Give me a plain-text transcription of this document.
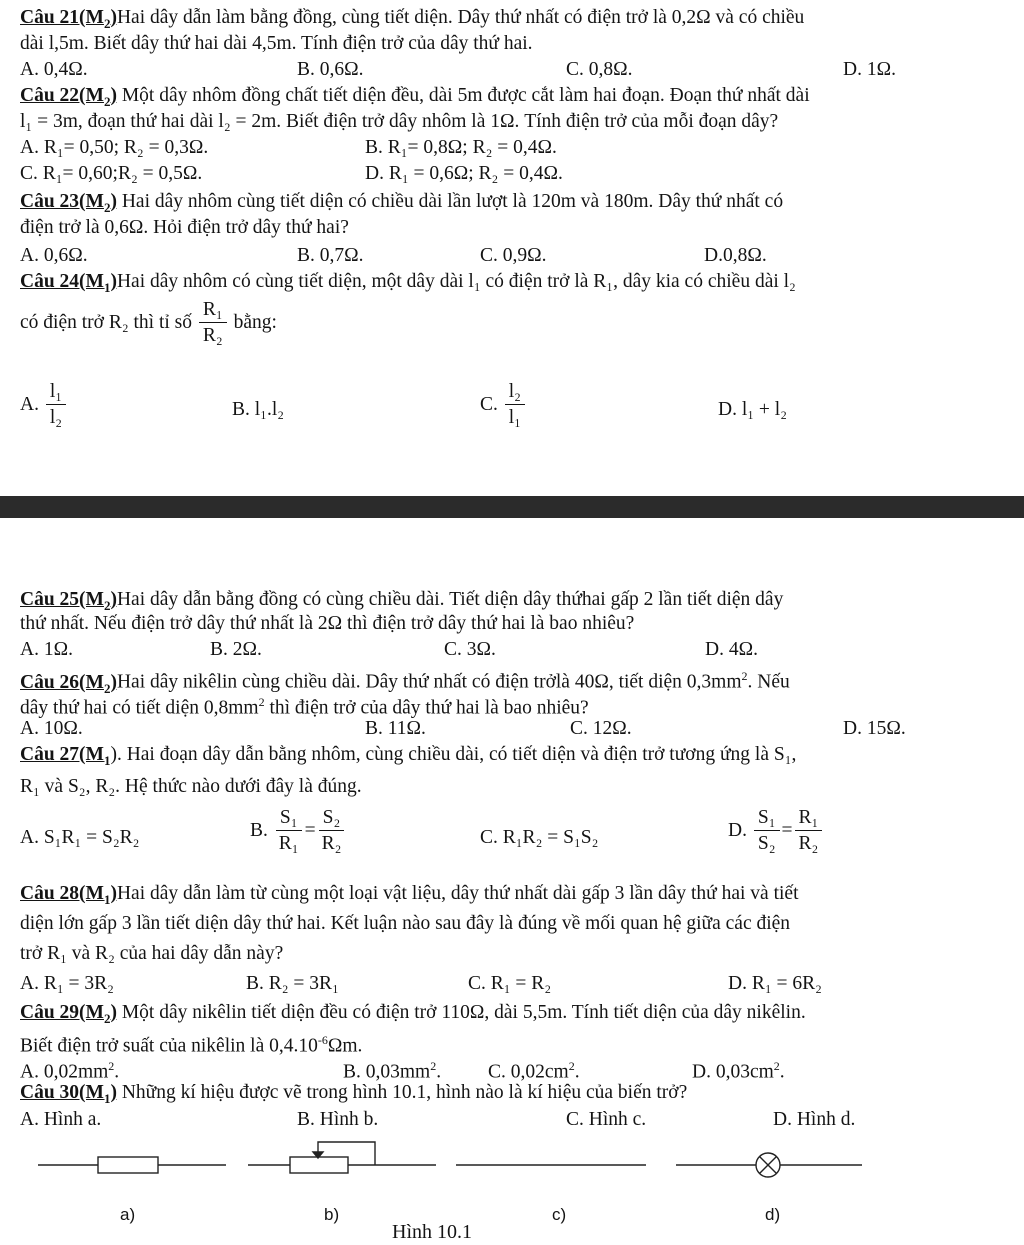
Câu $21(M_2)Hai$ dây dẫn làm bằng đồng, cùng tiết diện. Dây thứ nhất có điện trở là 0,2Ω và có chiều
dài l,5m. Biết dây thứ hai dài 4,5m. Tính điện trở của dây thứ hai.
A. 0,4Ω.	B. 0,6Ω.	C. 0,8Ω.	D. 1Ω.
Câu $22(M_2)$ Một dây nhôm đồng chất tiết diện đều, dài 5m được cắt làm hai đoạn. Đoạn thứ nhất dài
l₁ = 3m, đoạn thứ hai dài l₂ = 2m. Biết điện trở dây nhôm là 1Ω. Tính điện trở của mỗi đoạn dây?
A. R₁= 0,50; R₂ = 0,3Ω.	B. R₁= 0,8Ω; R₂ = 0,4Ω.
C. R₁= 0,60;R₂ = 0,5Ω.	D. R₁ = 0,6Ω; R₂ = 0,4Ω.
Câu $23(M_2)$ Hai dây nhôm cùng tiết diện có chiều dài lần lượt là 120m và 180m. Dây thứ nhất có
điện trở là 0,6Ω. Hỏi điện trở dây thứ hai?
A. 0,6Ω.	B. 0,7Ω.	C. 0,9Ω.	D.0,8Ω.
Câu $24(M_1)Hai$ dây nhôm có cùng tiết diện, một dây dài l₁ có điện trở là R₁, dây kia có chiều dài l₂
có điện trở R₂ thì tỉ số $\frac{\text{R₁}}{\text{R₂}}$ bằng:
A. $\frac{\text{l₁}}{\text{l₂}}$	B. l₁.l₂	C. $\frac{\text{l₂}}{\text{l₁}}$	D. l₁ + l₂
Câu $25(M_2)Hai$ dây dẫn bằng đồng có cùng chiều dài. Tiết diện dây thứhai gấp 2 lần tiết diện dây
thứ nhất. Nếu điện trở dây thứ nhất là 2Ω thì điện trở dây thứ hai là bao nhiêu?
A. 1Ω.	B. 2Ω.	C. 3Ω.	D. 4Ω.
Câu $26(M_2)Hai$ dây nikêlin cùng chiều dài. Dây thứ nhất có điện trởlà 40Ω, tiết diện $0,3mm^2$. Nếu
dây thứ hai có tiết diện $0,8mm^2$ thì điện trở của dây thứ hai là bao nhiêu?
A. 10Ω.	B. 11Ω.	C. 12Ω.	D. 15Ω.
Câu $27(M_1)$. Hai đoạn dây dẫn bằng nhôm, cùng chiều dài, có tiết diện và điện trở tương ứng là S₁,
R₁ và S₂, R₂. Hệ thức nào dưới đây là đúng.
A. S₁R₁ = S₂R₂	B. $\frac{\text{S₁}}{\text{R₁}} = \frac{\text{S₂}}{\text{R₂}}$	C. R₁R₂ = S₁S₂	D. $\frac{\text{S₁}}{\text{S₂}} = \frac{\text{R₁}}{\text{R₂}}$
Câu $28(M_1)Hai$ dây dẫn làm từ cùng một loại vật liệu, dây thứ nhất dài gấp 3 lần dây thứ hai và tiết
diện lớn gấp 3 lần tiết diện dây thứ hai. Kết luận nào sau đây là đúng về mối quan hệ giữa các điện
trở R₁ và R₂ của hai dây dẫn này?
A. R₁ = 3R₂	B. R₂ = 3R₁	C. R₁ = R₂	D. R₁ = 6R₂
Câu $29(M_2)$ Một dây nikêlin tiết diện đều có điện trở 110Ω, dài 5,5m. Tính tiết diện của dây nikêlin.
Biết điện trở suất của nikêlin là $0,4.10^{-6}\Omega m$.
A. $0,02mm^2$.	B. $0,03mm^2$. C. $0,02cm^2$.	D. $0,03cm^2$.
Câu $30(M_1)$ Những kí hiệu được vẽ trong hình 10.1, hình nào là kí hiệu của biến trở?
A. Hình a.	B. Hình b.	C. Hình c.	D. Hình d.
a)	b)	c)	d)
Hình 10.1
